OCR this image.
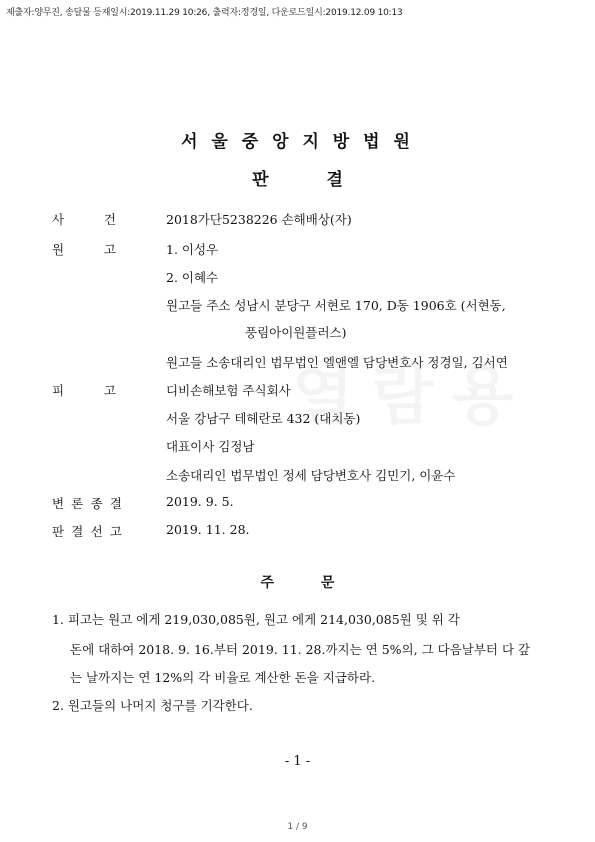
제출자:양무진, 송달물 등재일시:2019.11.29 10:26, 출력자:정경일, 다운로드일시:2019.12.09 10:13
서 울 중 앙 지 방 법 원
판 결
사	건	2018가단5238226 손해배상(자)
원	고	1. 이성우
2. 이혜수
원고들 주소 성남시 분당구 서현로 170, D동 1906호 (서현동,
풍림아이원플러스)
원고들 소송대리인 법무법인 엘앤엘 담당변호사 정경일, 김서연
피	고	디비손해보험 주식회사
서울 강남구 테헤란로 432 (대치동)
대표이사 김정남
소송대리인 법무법인 정세 담당변호사 김민기, 이윤수
변 론 종 결	2019. 9. 5.
판 결 선 고	2019. 11. 28.
주 문
1. 피고는 원고 에게 219,030,085원, 원고 에게 214,030,085원 및 위 각
돈에 대하여 2018. 9. 16.부터 2019. 11. 28.까지는 연 5%의, 그 다음날부터 다 갚
는 날까지는 연 12%의 각 비율로 계산한 돈을 지급하라.
2. 원고들의 나머지 청구를 기각한다.
- 1 -
1 / 9
